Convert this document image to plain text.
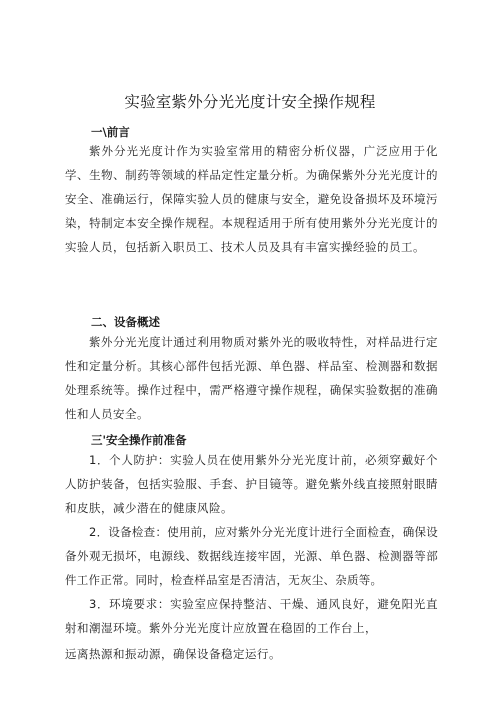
实验室紫外分光光度计安全操作规程
一\前言
紫外分光光度计作为实验室常用的精密分析仪器，广泛应用于化学、生物、制药等领域的样品定性定量分析。为确保紫外分光光度计的安全、准确运行，保障实验人员的健康与安全，避免设备损坏及环境污染，特制定本安全操作规程。本规程适用于所有使用紫外分光光度计的实验人员，包括新入职员工、技术人员及具有丰富实操经验的员工。
二、设备概述
紫外分光光度计通过利用物质对紫外光的吸收特性，对样品进行定性和定量分析。其核心部件包括光源、单色器、样品室、检测器和数据处理系统等。操作过程中，需严格遵守操作规程，确保实验数据的准确性和人员安全。
三'安全操作前准备
1．个人防护：实验人员在使用紫外分光光度计前，必须穿戴好个人防护装备，包括实验服、手套、护目镜等。避免紫外线直接照射眼睛和皮肤，减少潜在的健康风险。
2．设备检查：使用前，应对紫外分光光度计进行全面检查，确保设备外观无损坏，电源线、数据线连接牢固，光源、单色器、检测器等部件工作正常。同时，检查样品室是否清洁，无灰尘、杂质等。
3．环境要求：实验室应保持整洁、干燥、通风良好，避免阳光直射和潮湿环境。紫外分光光度计应放置在稳固的工作台上，
远离热源和振动源，确保设备稳定运行。
